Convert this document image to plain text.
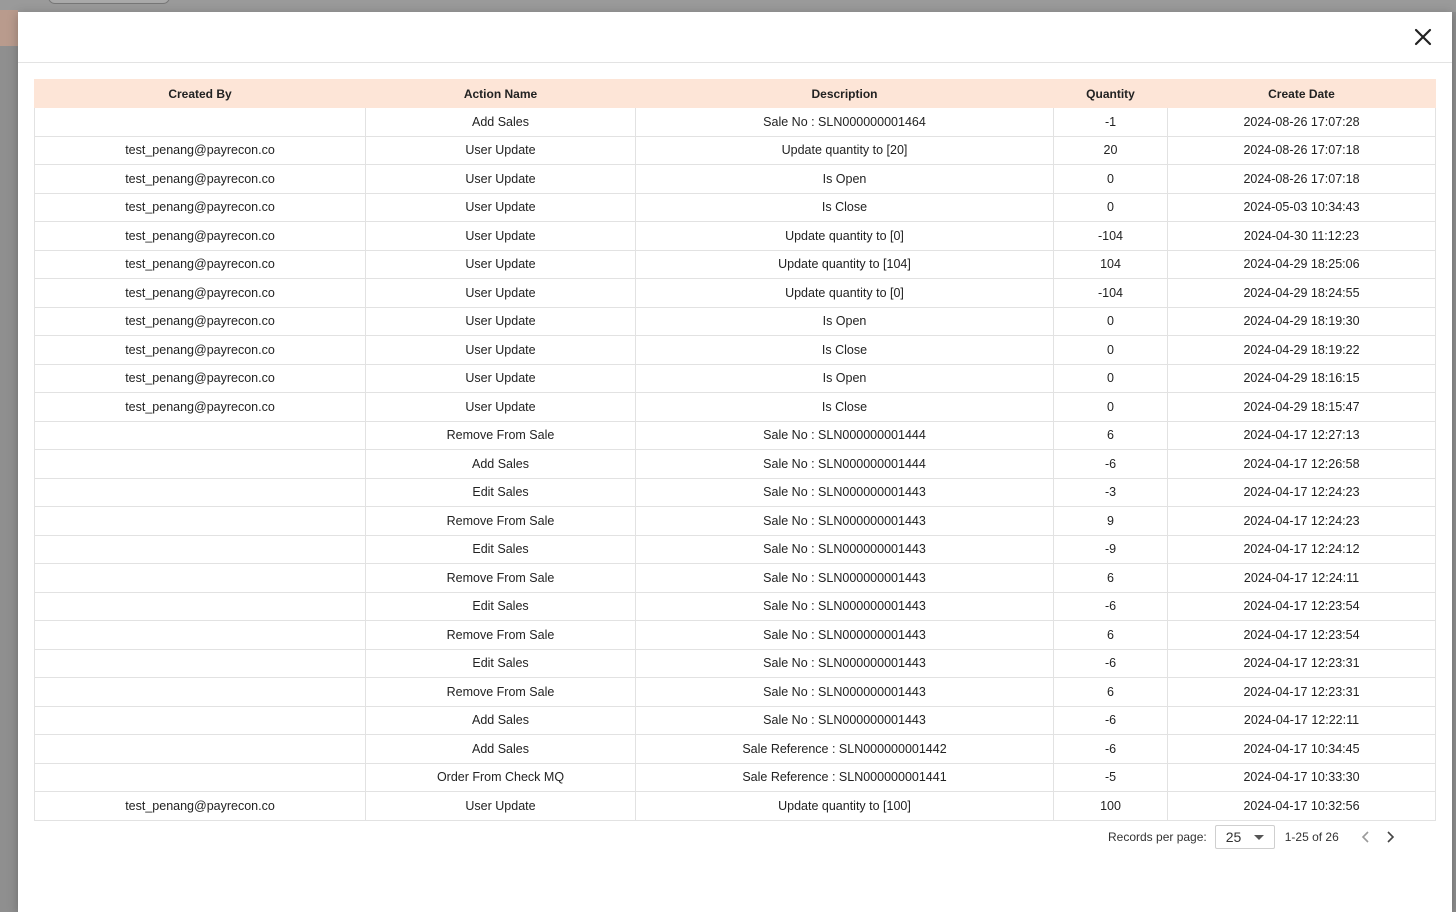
Created By	Action Name	Description	Quantity	Create Date
	Add Sales	Sale No : SLN000000001464	-1	2024-08-26 17:07:28
test_penang@payrecon.co	User Update	Update quantity to [20]	20	2024-08-26 17:07:18
test_penang@payrecon.co	User Update	Is Open	0	2024-08-26 17:07:18
test_penang@payrecon.co	User Update	Is Close	0	2024-05-03 10:34:43
test_penang@payrecon.co	User Update	Update quantity to [0]	-104	2024-04-30 11:12:23
test_penang@payrecon.co	User Update	Update quantity to [104]	104	2024-04-29 18:25:06
test_penang@payrecon.co	User Update	Update quantity to [0]	-104	2024-04-29 18:24:55
test_penang@payrecon.co	User Update	Is Open	0	2024-04-29 18:19:30
test_penang@payrecon.co	User Update	Is Close	0	2024-04-29 18:19:22
test_penang@payrecon.co	User Update	Is Open	0	2024-04-29 18:16:15
test_penang@payrecon.co	User Update	Is Close	0	2024-04-29 18:15:47
	Remove From Sale	Sale No : SLN000000001444	6	2024-04-17 12:27:13
	Add Sales	Sale No : SLN000000001444	-6	2024-04-17 12:26:58
	Edit Sales	Sale No : SLN000000001443	-3	2024-04-17 12:24:23
	Remove From Sale	Sale No : SLN000000001443	9	2024-04-17 12:24:23
	Edit Sales	Sale No : SLN000000001443	-9	2024-04-17 12:24:12
	Remove From Sale	Sale No : SLN000000001443	6	2024-04-17 12:24:11
	Edit Sales	Sale No : SLN000000001443	-6	2024-04-17 12:23:54
	Remove From Sale	Sale No : SLN000000001443	6	2024-04-17 12:23:54
	Edit Sales	Sale No : SLN000000001443	-6	2024-04-17 12:23:31
	Remove From Sale	Sale No : SLN000000001443	6	2024-04-17 12:23:31
	Add Sales	Sale No : SLN000000001443	-6	2024-04-17 12:22:11
	Add Sales	Sale Reference : SLN000000001442	-6	2024-04-17 10:34:45
	Order From Check MQ	Sale Reference : SLN000000001441	-5	2024-04-17 10:33:30
test_penang@payrecon.co	User Update	Update quantity to [100]	100	2024-04-17 10:32:56
Records per page: 25	1-25 of 26
